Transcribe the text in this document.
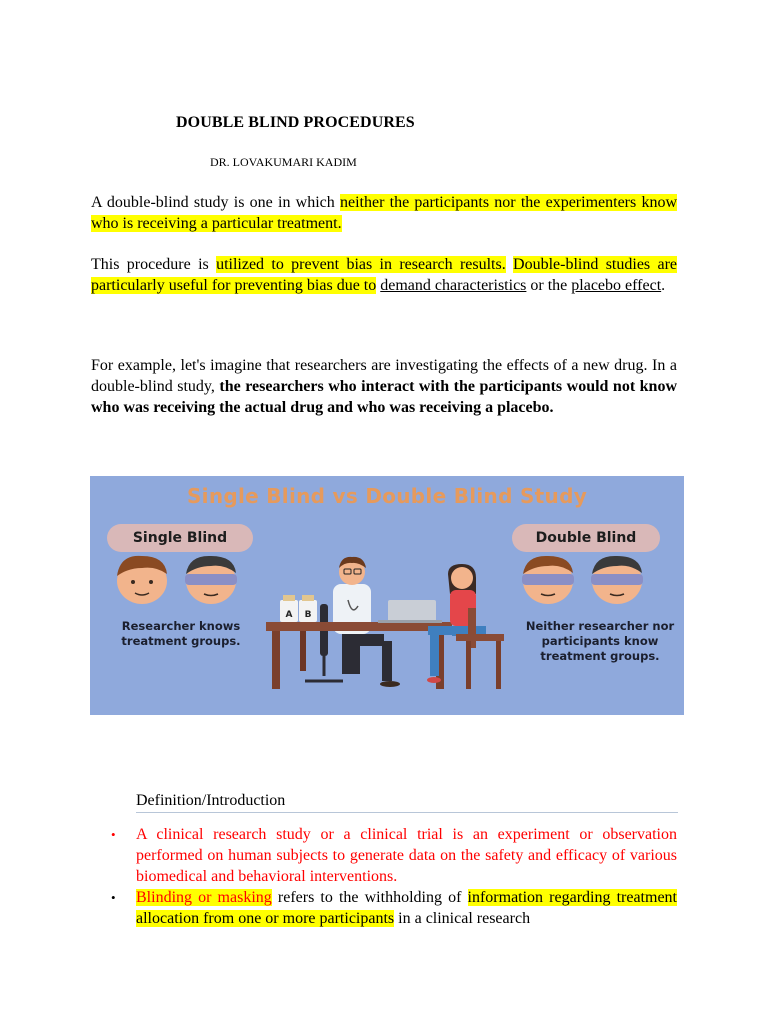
DOUBLE BLIND PROCEDURES
DR. LOVAKUMARI KADIM
A double-blind study is one in which neither the participants nor the experimenters know who is receiving a particular treatment.
This procedure is utilized to prevent bias in research results. Double-blind studies are particularly useful for preventing bias due to demand characteristics or the placebo effect.
For example, let's imagine that researchers are investigating the effects of a new drug. In a double-blind study, the researchers who interact with the participants would not know who was receiving the actual drug and who was receiving a placebo.
A B
Single Blind vs Double Blind Study
Single Blind	Double Blind
Researcher knows treatment groups.
Neither researcher nor participants know treatment groups.
Definition/Introduction
• A clinical research study or a clinical trial is an experiment or observation performed on human subjects to generate data on the safety and efficacy of various biomedical and behavioral interventions.
• Blinding or masking refers to the withholding of information regarding treatment allocation from one or more participants in a clinical research
